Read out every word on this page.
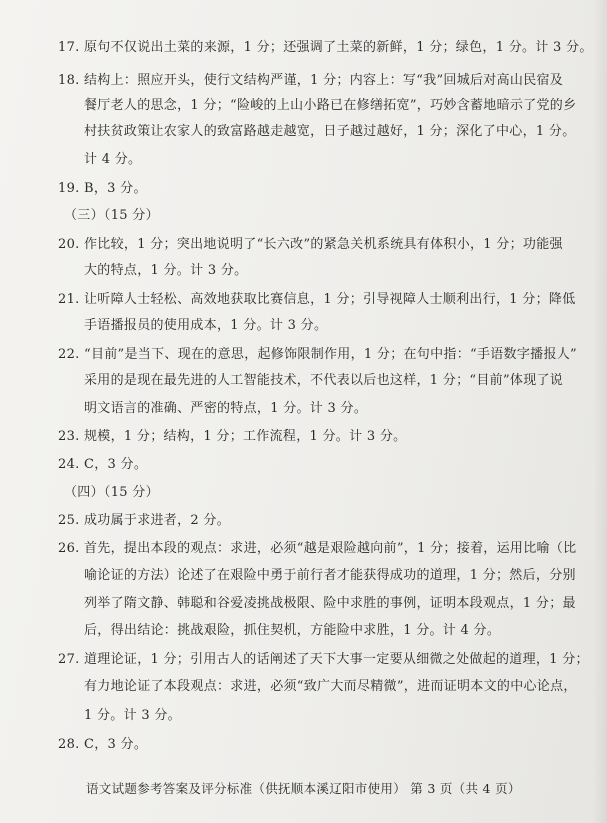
17. 原句不仅说出土菜的来源，1 分；还强调了土菜的新鲜，1 分；绿色，1 分。计 3 分。
18. 结构上：照应开头，使行文结构严谨，1 分；内容上：写“我”回城后对高山民宿及
餐厅老人的思念，1 分；“险峻的上山小路已在修缮拓宽”，巧妙含蓄地暗示了党的乡
村扶贫政策让农家人的致富路越走越宽，日子越过越好，1 分；深化了中心，1 分。
计 4 分。
19. B，3 分。
（三）（15 分）
20. 作比较，1 分；突出地说明了“长六改”的紧急关机系统具有体积小，1 分；功能强
大的特点，1 分。计 3 分。
21. 让听障人士轻松、高效地获取比赛信息，1 分；引导视障人士顺利出行，1 分；降低
手语播报员的使用成本，1 分。计 3 分。
22. “目前”是当下、现在的意思，起修饰限制作用，1 分；在句中指：“手语数字播报人”
采用的是现在最先进的人工智能技术，不代表以后也这样，1 分；“目前”体现了说
明文语言的准确、严密的特点，1 分。计 3 分。
23. 规模，1 分；结构，1 分；工作流程，1 分。计 3 分。
24. C，3 分。
（四）（15 分）
25. 成功属于求进者，2 分。
26. 首先，提出本段的观点：求进，必须“越是艰险越向前”，1 分；接着，运用比喻（比
喻论证的方法）论述了在艰险中勇于前行者才能获得成功的道理，1 分；然后，分别
列举了隋文静、韩聪和谷爱凌挑战极限、险中求胜的事例，证明本段观点，1 分；最
后，得出结论：挑战艰险，抓住契机，方能险中求胜，1 分。计 4 分。
27. 道理论证，1 分；引用古人的话阐述了天下大事一定要从细微之处做起的道理，1 分；
有力地论证了本段观点：求进，必须“致广大而尽精微”，进而证明本文的中心论点，
1 分。计 3 分。
28. C，3 分。
语文试题参考答案及评分标准（供抚顺本溪辽阳市使用） 第 3 页（共 4 页）
